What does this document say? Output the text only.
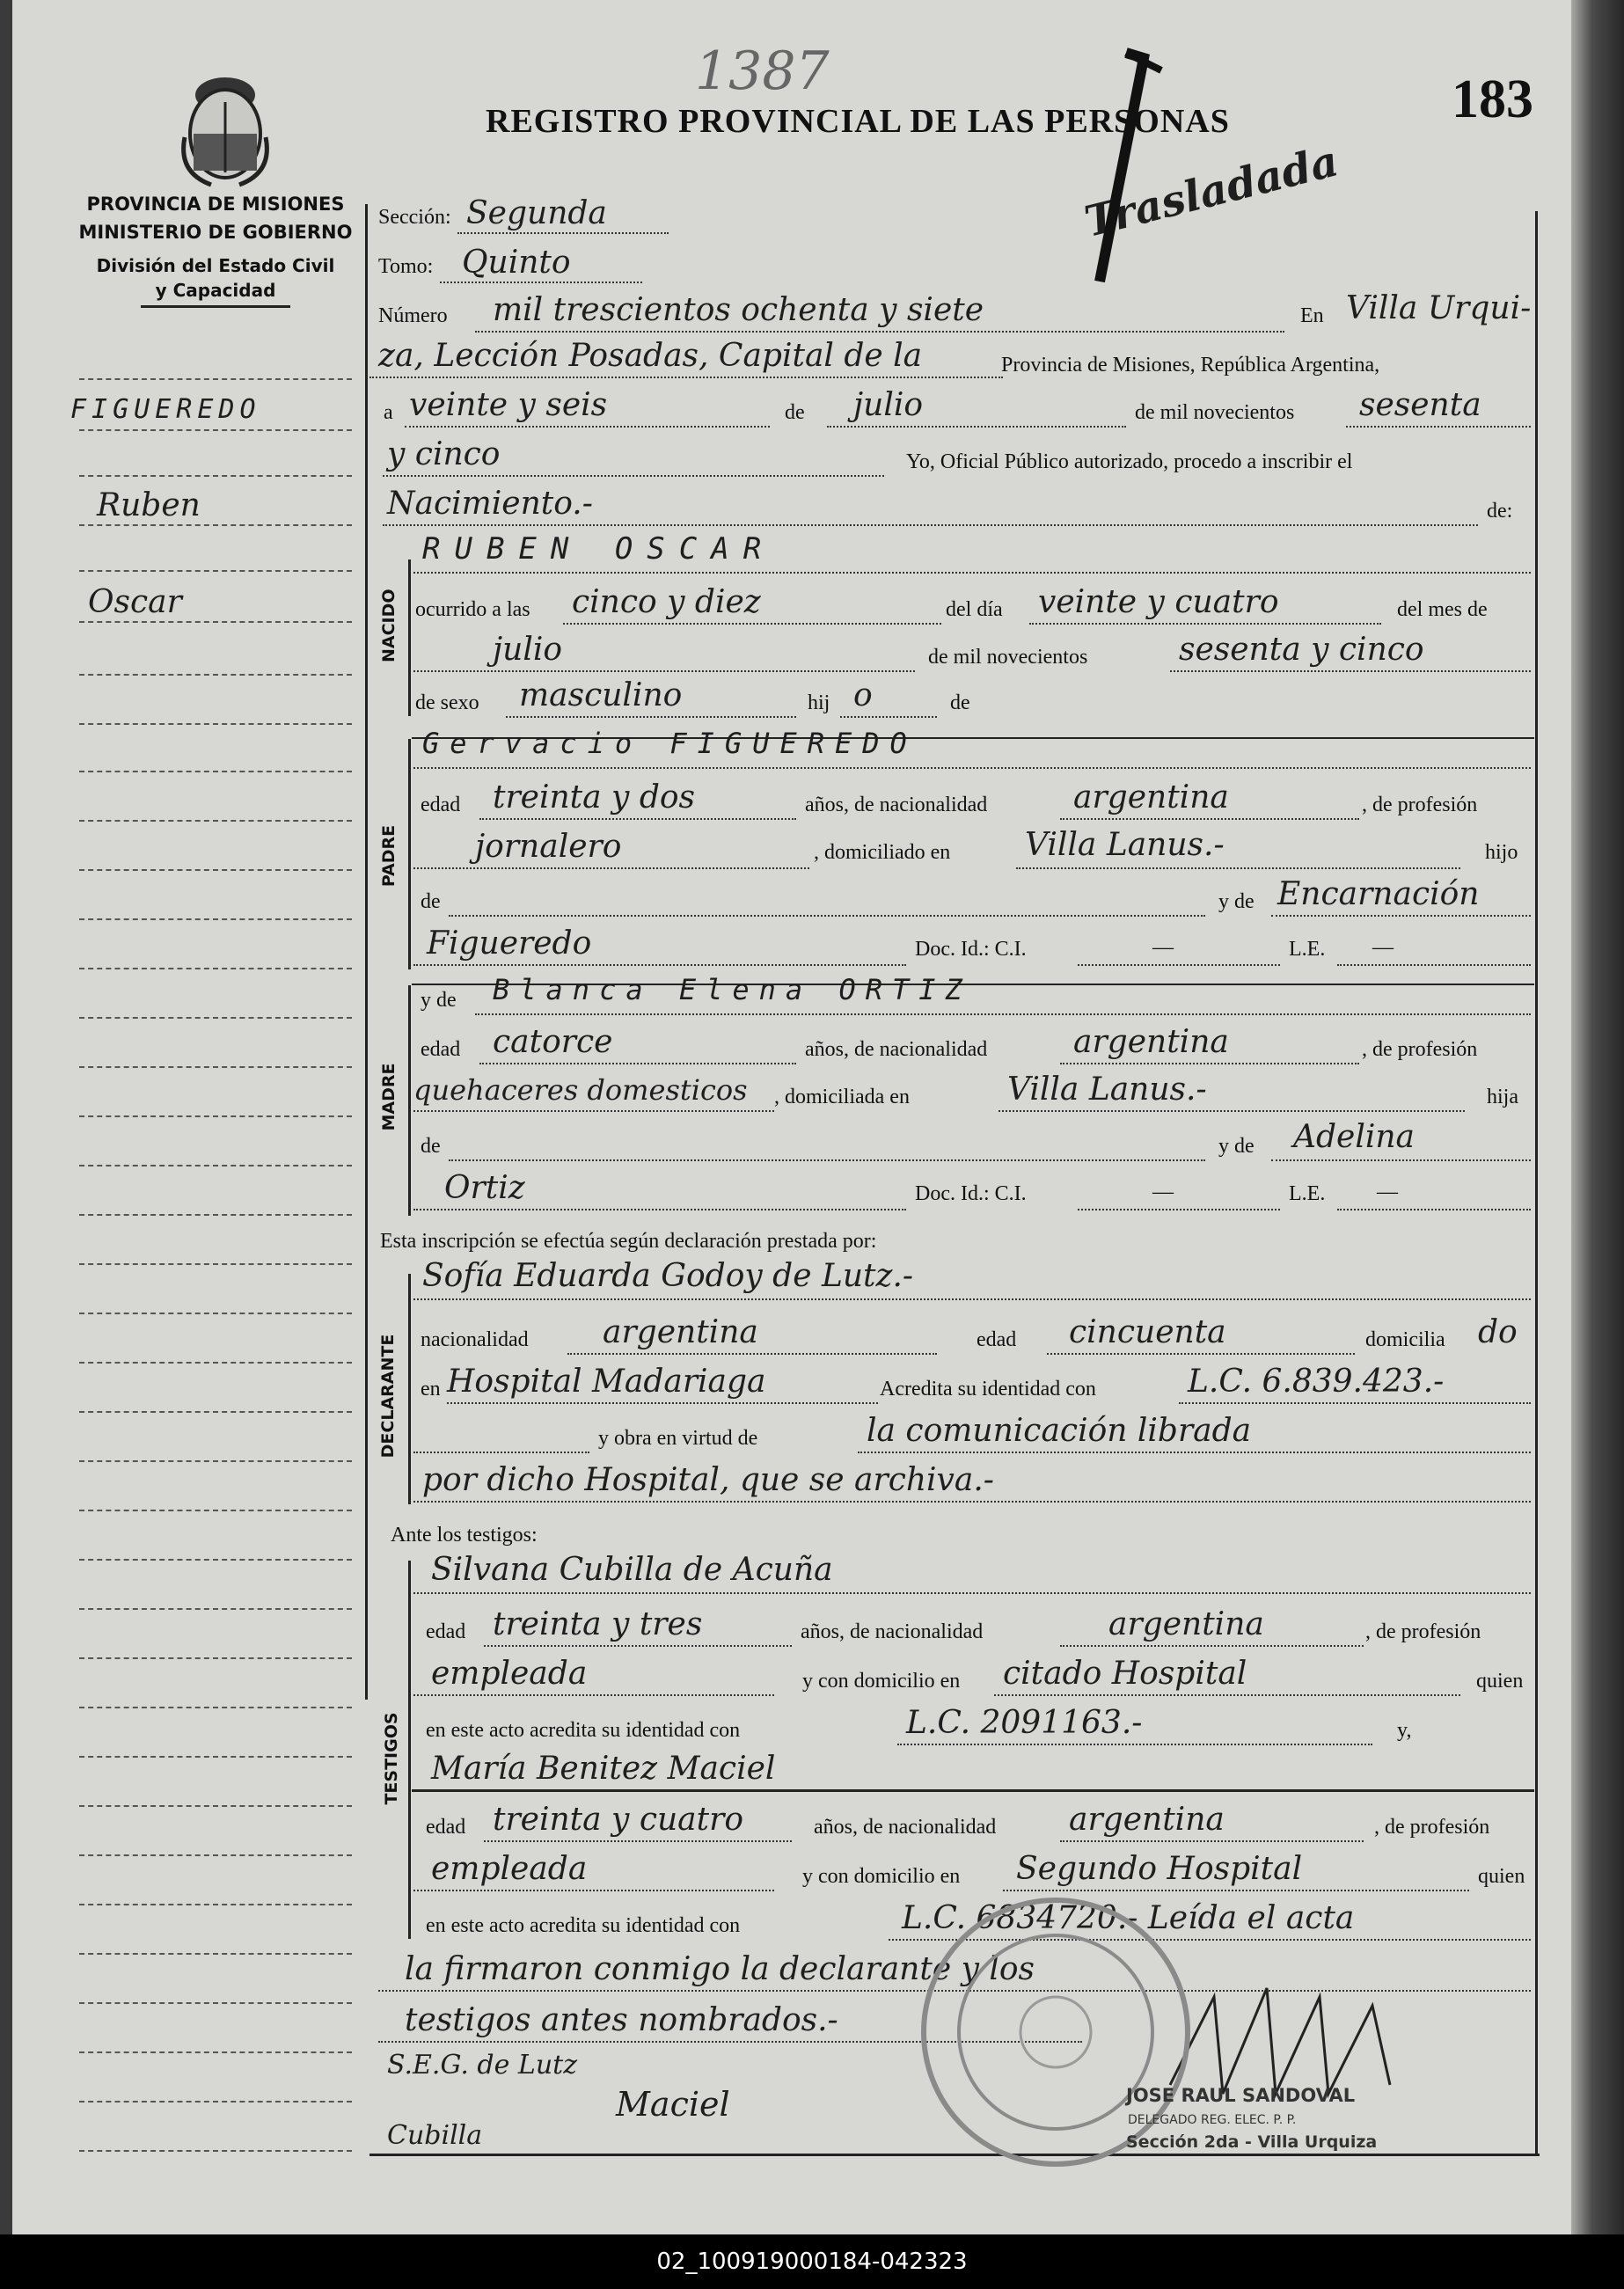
REGISTRO PROVINCIAL DE LAS PERSONAS	183
1387
Trasladada
PROVINCIA DE MISIONES
MINISTERIO DE GOBIERNO
División del Estado Civil
y Capacidad
FIGUEREDO
Ruben
Oscar	NACIDO
PADRE
MADRE
DECLARANTE
TESTIGOS
Sección: Segunda
Tomo: Quinto
Número mil trescientos ochenta y siete	En Villa Urqui-
za, Lección Posadas, Capital de la	Provincia de Misiones, República Argentina,
a veinte y seis	de julio	de mil novecientos sesenta
y cinco	Yo, Oficial Público autorizado, procedo a inscribir el
Nacimiento.-	de:
RUBEN OSCAR
ocurrido a las cinco y diez	del día veinte y cuatro	del mes de
julio	de mil novecientos	sesenta y cinco
de sexo masculino	hij o	de
Gervacio FIGUEREDO
edad treinta y dos	años, de nacionalidad	argentina	, de profesión
jornalero	, domiciliado en Villa Lanus.-	hijo
de	y de Encarnación
Figueredo	Doc. Id.: C.I.	—	L.E. —
y de Blanca Elena ORTIZ
edad catorce	años, de nacionalidad	argentina	, de profesión
quehaceres domesticos , domiciliada en	Villa Lanus.-	hija
de	y de Adelina
Ortiz	Doc. Id.: C.I.	—	L.E. —
Esta inscripción se efectúa según declaración prestada por:
Sofía Eduarda Godoy de Lutz.-
nacionalidad argentina	edad cincuenta	domicilia do
en Hospital Madariaga	Acredita su identidad con	L.C. 6.839.423.-
y obra en virtud de	la comunicación librada
por dicho Hospital, que se archiva.-
Ante los testigos:
Silvana Cubilla de Acuña
edad treinta y tres	años, de nacionalidad	argentina	, de profesión
empleada	y con domicilio en citado Hospital	quien
en este acto acredita su identidad con	L.C. 2091163.-	y,
María Benitez Maciel
edad treinta y cuatro	años, de nacionalidad argentina	, de profesión
empleada	y con domicilio en Segundo Hospital	quien
en este acto acredita su identidad con	L.C. 6834720.- Leída el acta
la firmaron conmigo la declarante y los
testigos antes nombrados.-
S.E.G. de Lutz
Cubilla
Maciel	JOSE RAUL SANDOVAL
DELEGADO REG. ELEC. P. P.
Sección 2da - Villa Urquiza
02_100919000184-042323
